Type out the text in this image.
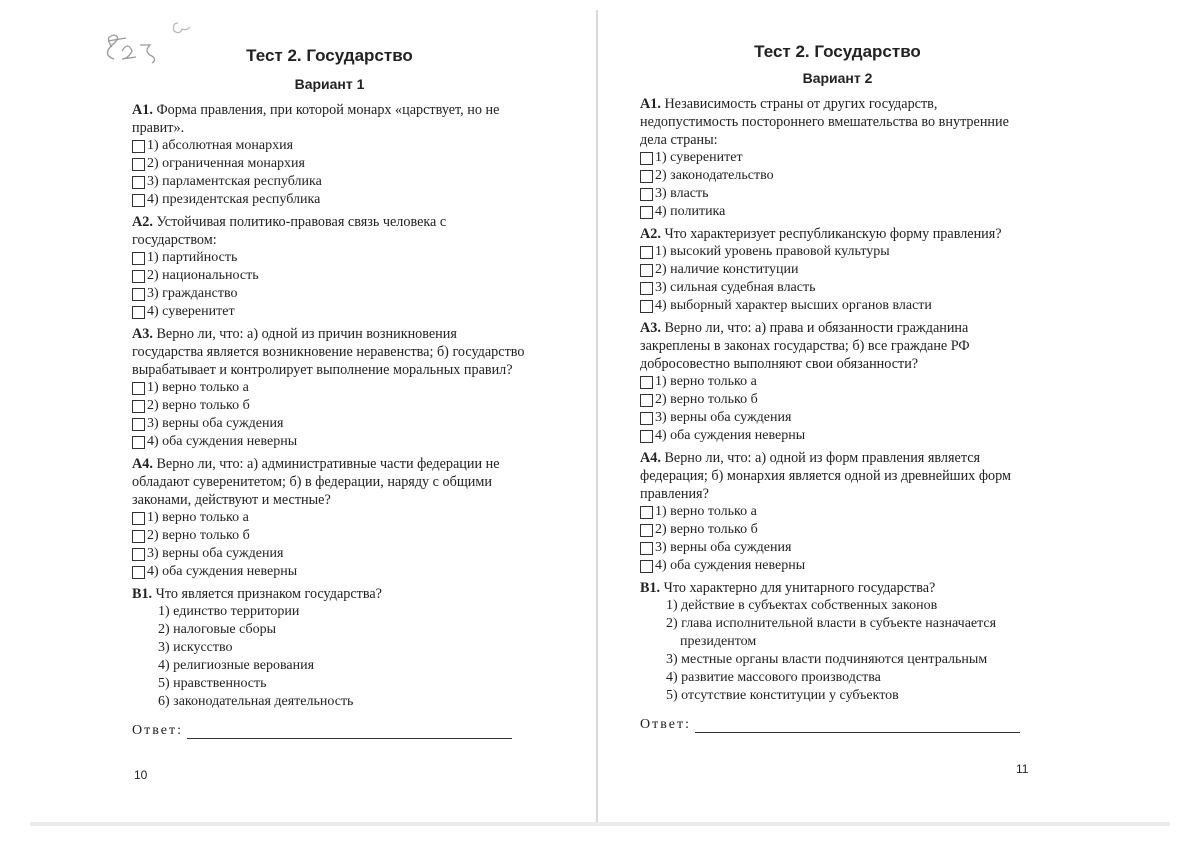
Тест 2. Государство
Вариант 1

А1. Форма правления, при которой монарх «царствует, но не правит».

1) абсолютная монархия
2) ограниченная монархия
3) парламентская республика
4) президентская республика

А2. Устойчивая политико-правовая связь человека с государством:

1) партийность
2) национальность
3) гражданство
4) суверенитет

А3. Верно ли, что: а) одной из причин возникновения государства является возникновение неравенства; б) государство вырабатывает и контролирует выполнение моральных правил?

1) верно только а
2) верно только б
3) верны оба суждения
4) оба суждения неверны

А4. Верно ли, что: а) административные части федерации не обладают суверенитетом; б) в федерации, наряду с общими законами, действуют и местные?

1) верно только а
2) верно только б
3) верны оба суждения
4) оба суждения неверны

В1. Что является признаком государства?

1) единство территории
2) налоговые сборы
3) искусство
4) религиозные верования
5) нравственность
6) законодательная деятельность
Ответ:
10
Тест 2. Государство
Вариант 2

А1. Независимость страны от других государств, недопустимость постороннего вмешательства во внутренние дела страны:

1) суверенитет
2) законодательство
3) власть
4) политика

А2. Что характеризует республиканскую форму правления?

1) высокий уровень правовой культуры
2) наличие конституции
3) сильная судебная власть
4) выборный характер высших органов власти

А3. Верно ли, что: а) права и обязанности гражданина закреплены в законах государства; б) все граждане РФ добросовестно выполняют свои обязанности?

1) верно только а
2) верно только б
3) верны оба суждения
4) оба суждения неверны

А4. Верно ли, что: а) одной из форм правления является федерация; б) монархия является одной из древнейших форм правления?

1) верно только а
2) верно только б
3) верны оба суждения
4) оба суждения неверны

В1. Что характерно для унитарного государства?

1) действие в субъектах собственных законов
2) глава исполнительной власти в субъекте назначается президентом
3) местные органы власти подчиняются центральным
4) развитие массового производства
5) отсутствие конституции у субъектов
Ответ:
11
